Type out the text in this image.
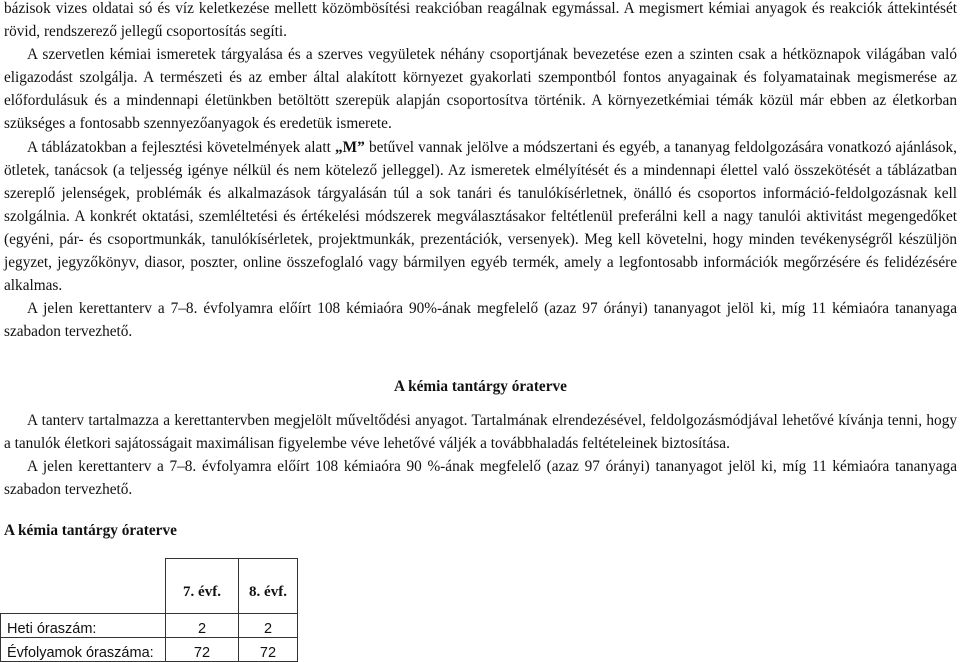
bázisok vizes oldatai só és víz keletkezése mellett közömbösítési reakcióban reagálnak egymással. A megismert kémiai anyagok és reakciók áttekintését rövid, rendszerező jellegű csoportosítás segíti.

A szervetlen kémiai ismeretek tárgyalása és a szerves vegyületek néhány csoportjának bevezetése ezen a szinten csak a hétköznapok világában való eligazodást szolgálja. A természeti és az ember által alakított környezet gyakorlati szempontból fontos anyagainak és folyamatainak megismerése az előfordulásuk és a mindennapi életünkben betöltött szerepük alapján csoportosítva történik. A környezetkémiai témák közül már ebben az életkorban szükséges a fontosabb szennyezőanyagok és eredetük ismerete.

A táblázatokban a fejlesztési követelmények alatt „M” betűvel vannak jelölve a módszertani és egyéb, a tananyag feldolgozására vonatkozó ajánlások, ötletek, tanácsok (a teljesség igénye nélkül és nem kötelező jelleggel). Az ismeretek elmélyítését és a mindennapi élettel való összekötését a táblázatban szereplő jelenségek, problémák és alkalmazások tárgyalásán túl a sok tanári és tanulókísérletnek, önálló és csoportos információ-feldolgozásnak kell szolgálnia. A konkrét oktatási, szemléltetési és értékelési módszerek megválasztásakor feltétlenül preferálni kell a nagy tanulói aktivitást megengedőket (egyéni, pár- és csoportmunkák, tanulókísérletek, projektmunkák, prezentációk, versenyek). Meg kell követelni, hogy minden tevékenységről készüljön jegyzet, jegyzőkönyv, diasor, poszter, online összefoglaló vagy bármilyen egyéb termék, amely a legfontosabb információk megőrzésére és felidézésére alkalmas.

A jelen kerettanterv a 7–8. évfolyamra előírt 108 kémiaóra 90%-ának megfelelő (azaz 97 órányi) tananyagot jelöl ki, míg 11 kémiaóra tananyaga szabadon tervezhető.

A kémia tantárgy óraterve

A tanterv tartalmazza a kerettantervben megjelölt műveltődési anyagot. Tartalmának elrendezésével, feldolgozásmódjával lehetővé kívánja tenni, hogy a tanulók életkori sajátosságait maximálisan figyelembe véve lehetővé váljék a továbbhaladás feltételeinek biztosítása.

A jelen kerettanterv a 7–8. évfolyamra előírt 108 kémiaóra 90 %-ának megfelelő (azaz 97 órányi) tananyagot jelöl ki, míg 11 kémiaóra tananyaga szabadon tervezhető.

A kémia tantárgy óraterve
	7. évf.	8. évf.
Heti óraszám:	2	2
Évfolyamok óraszáma:	72	72
